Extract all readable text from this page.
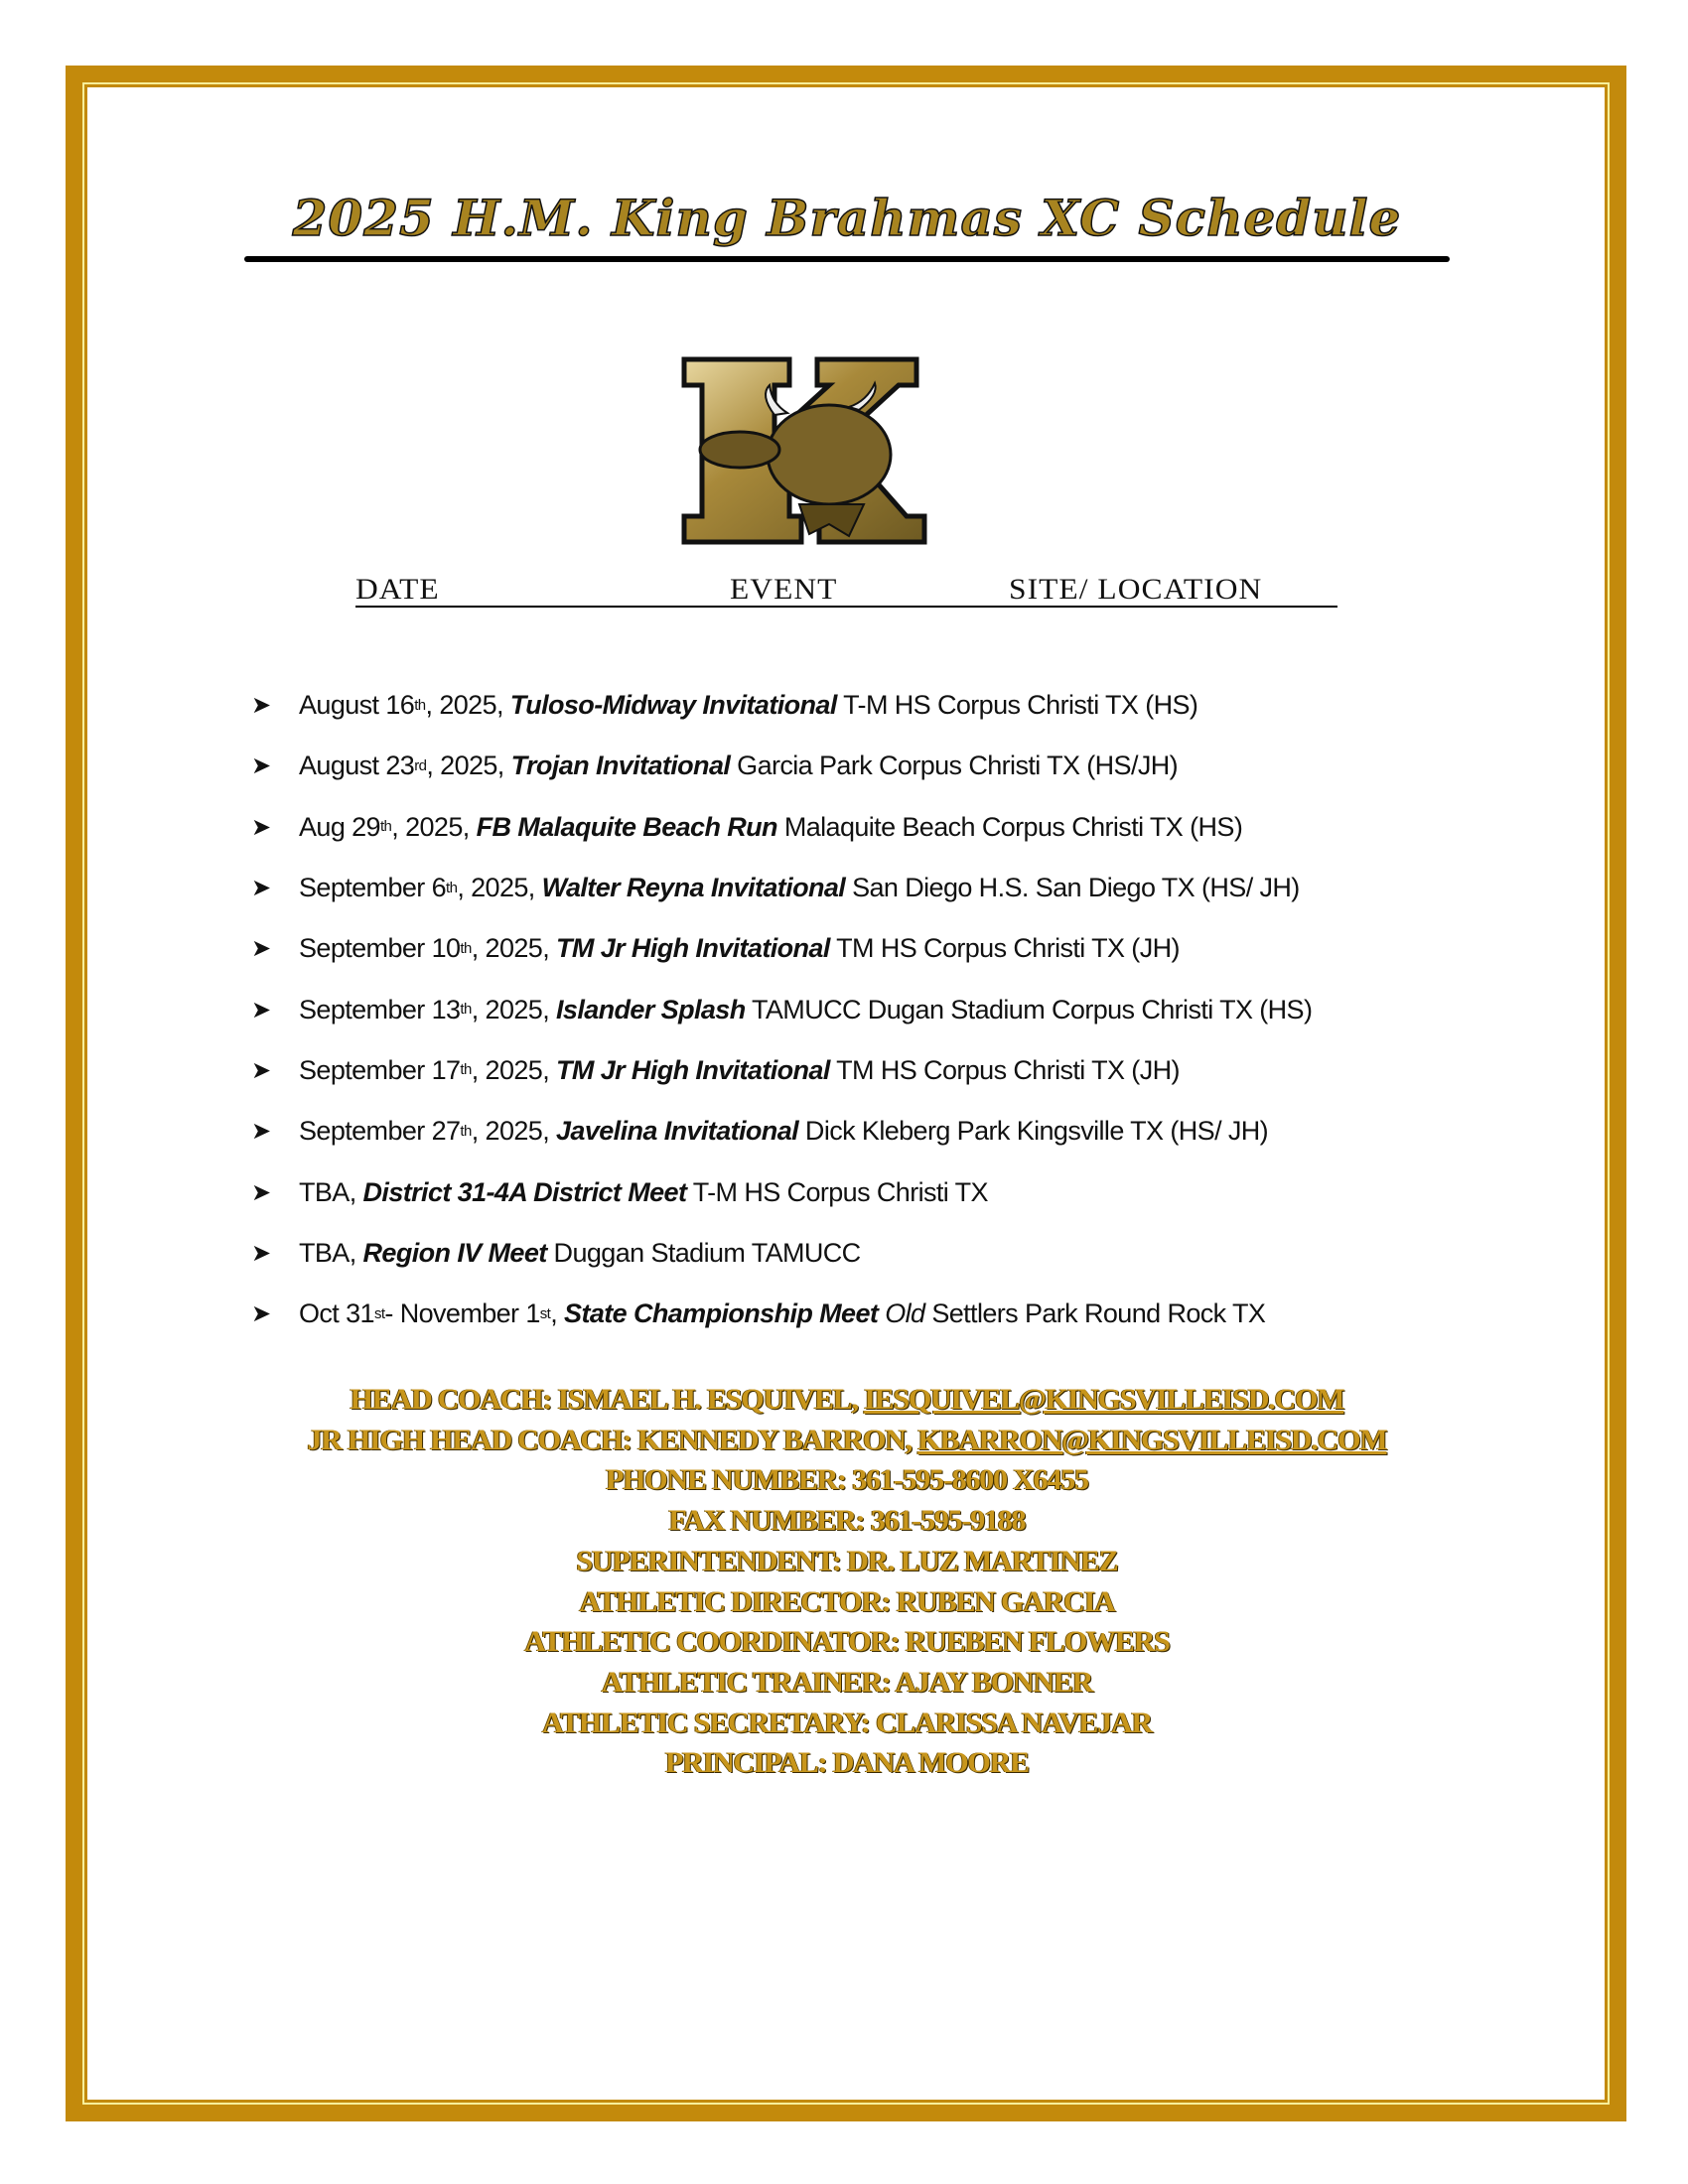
2025 H.M. King Brahmas XC Schedule
DATE	EVENT	SITE/ LOCATION
➤	August 16 th , 2025, Tuloso-Midway Invitational T-M HS Corpus Christi TX (HS)
➤	August 23 rd , 2025, Trojan Invitational Garcia Park Corpus Christi TX (HS/JH)
➤	Aug 29 th , 2025, FB Malaquite Beach Run Malaquite Beach Corpus Christi TX (HS)
➤	September 6 th , 2025, Walter Reyna Invitational San Diego H.S. San Diego TX (HS/ JH)
➤	September 10 th , 2025, TM Jr High Invitational TM HS Corpus Christi TX (JH)
➤	September 13 th , 2025, Islander Splash TAMUCC Dugan Stadium Corpus Christi TX (HS)
➤	September 17 th , 2025, TM Jr High Invitational TM HS Corpus Christi TX (JH)
➤	September 27 th , 2025, Javelina Invitational Dick Kleberg Park Kingsville TX (HS/ JH)
➤	TBA , District 31-4A District Meet T-M HS Corpus Christi TX
➤	TBA , Region IV Meet Duggan Stadium TAMUCC
➤	Oct 31 st - November 1 st , State Championship Meet Old Settlers Park Round Rock TX
HEAD COACH: ISMAEL H. ESQUIVEL, IESQUIVEL@KINGSVILLEISD.COM
JR HIGH HEAD COACH: KENNEDY BARRON, KBARRON@KINGSVILLEISD.COM
PHONE NUMBER: 361-595-8600 X6455
FAX NUMBER: 361-595-9188
SUPERINTENDENT: DR. LUZ MARTINEZ
ATHLETIC DIRECTOR: RUBEN GARCIA
ATHLETIC COORDINATOR: RUEBEN FLOWERS
ATHLETIC TRAINER: AJAY BONNER
ATHLETIC SECRETARY: CLARISSA NAVEJAR
PRINCIPAL: DANA MOORE
